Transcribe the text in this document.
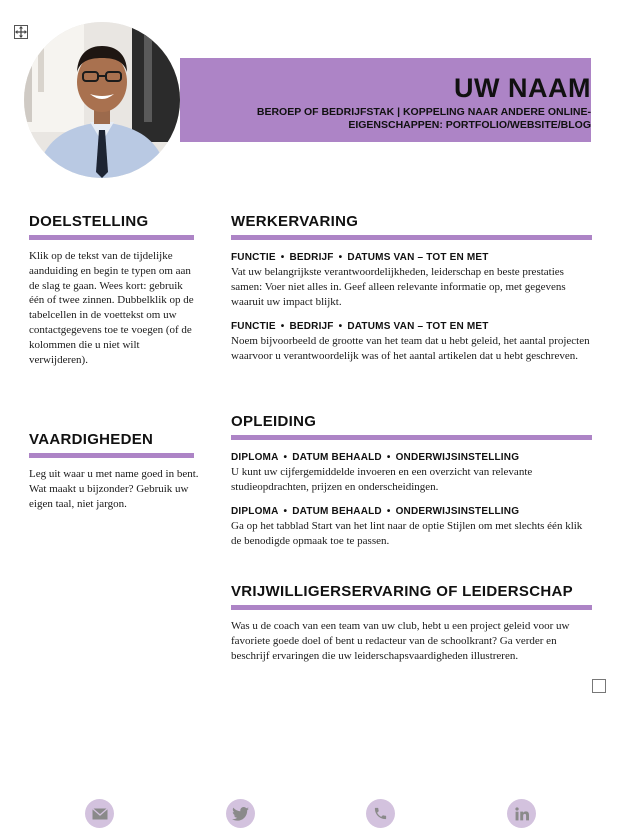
UW NAAM
BEROEP OF BEDRIJFSTAK | KOPPELING NAAR ANDERE ONLINE-EIGENSCHAPPEN: PORTFOLIO/WEBSITE/BLOG
DOELSTELLING
Klik op de tekst van de tijdelijke aanduiding en begin te typen om aan de slag te gaan. Wees kort: gebruik één of twee zinnen. Dubbelklik op de tabelcellen in de voettekst om uw contactgegevens toe te voegen (of de kolommen die u niet wilt verwijderen).
VAARDIGHEDEN
Leg uit waar u met name goed in bent. Wat maakt u bijzonder? Gebruik uw eigen taal, niet jargon.
WERKERVARING
FUNCTIE • BEDRIJF • DATUMS VAN – TOT EN MET
Vat uw belangrijkste verantwoordelijkheden, leiderschap en beste prestaties samen: Voer niet alles in. Geef alleen relevante informatie op, met gegevens waaruit uw impact blijkt.
FUNCTIE • BEDRIJF • DATUMS VAN – TOT EN MET
Noem bijvoorbeeld de grootte van het team dat u hebt geleid, het aantal projecten waarvoor u verantwoordelijk was of het aantal artikelen dat u hebt geschreven.
OPLEIDING
DIPLOMA • DATUM BEHAALD • ONDERWIJSINSTELLING
U kunt uw cijfergemiddelde invoeren en een overzicht van relevante studieopdrachten, prijzen en onderscheidingen.
DIPLOMA • DATUM BEHAALD • ONDERWIJSINSTELLING
Ga op het tabblad Start van het lint naar de optie Stijlen om met slechts één klik de benodigde opmaak toe te passen.
VRIJWILLIGERSERVARING OF LEIDERSCHAP
Was u de coach van een team van uw club, hebt u een project geleid voor uw favoriete goede doel of bent u redacteur van de schoolkrant? Ga verder en beschrijf ervaringen die uw leiderschapsvaardigheden illustreren.
